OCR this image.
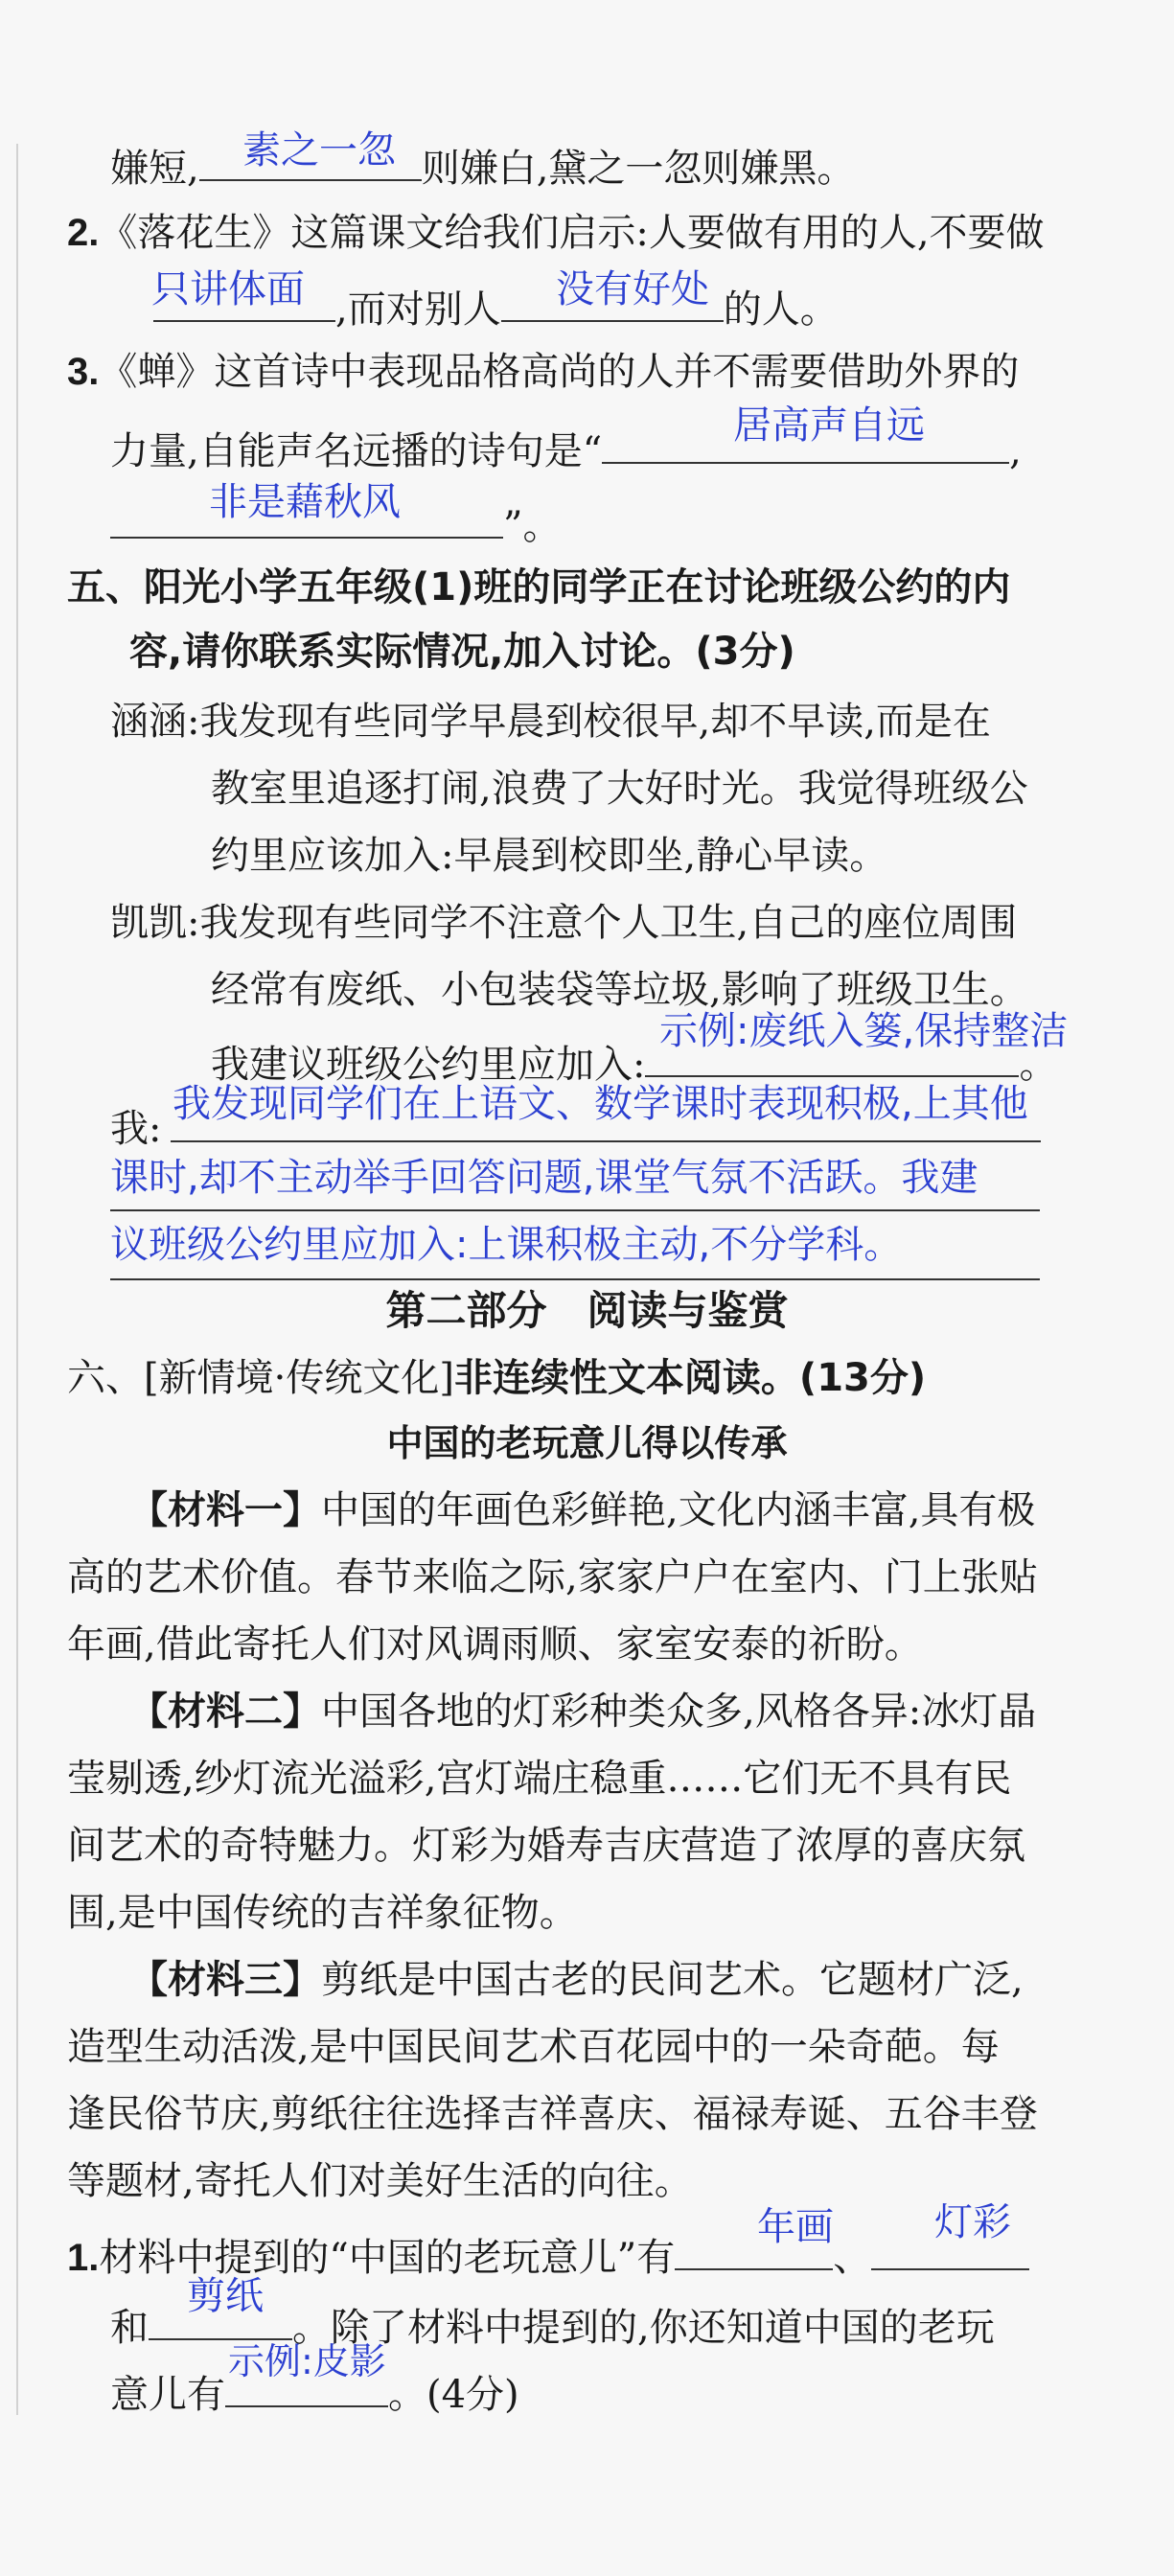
嫌短,	则嫌白,黛之一忽则嫌黑。
素之一忽
2.《落花生》这篇课文给我们启示:人要做有用的人,不要做
,而对别人	的人。
只讲体面	没有好处
3.《蝉》这首诗中表现品格高尚的人并不需要借助外界的
力量,自能声名远播的诗句是“	,
居高声自远
”。
非是藉秋风
五、阳光小学五年级(1)班的同学正在讨论班级公约的内
容,请你联系实际情况,加入讨论。(3分)
涵涵:我发现有些同学早晨到校很早,却不早读,而是在
教室里追逐打闹,浪费了大好时光。我觉得班级公
约里应该加入:早晨到校即坐,静心早读。
凯凯:我发现有些同学不注意个人卫生,自己的座位周围
经常有废纸、小包装袋等垃圾,影响了班级卫生。
我建议班级公约里应加入:	。
示例:废纸入篓,保持整洁
我:
我发现同学们在上语文、数学课时表现积极,上其他
课时,却不主动举手回答问题,课堂气氛不活跃。我建
议班级公约里应加入:上课积极主动,不分学科。
第二部分　阅读与鉴赏
六、[新情境·传统文化]非连续性文本阅读。(13分)
中国的老玩意儿得以传承
【材料一】中国的年画色彩鲜艳,文化内涵丰富,具有极
高的艺术价值。春节来临之际,家家户户在室内、门上张贴
年画,借此寄托人们对风调雨顺、家室安泰的祈盼。
【材料二】中国各地的灯彩种类众多,风格各异:冰灯晶
莹剔透,纱灯流光溢彩,宫灯端庄稳重……它们无不具有民
间艺术的奇特魅力。灯彩为婚寿吉庆营造了浓厚的喜庆氛
围,是中国传统的吉祥象征物。
【材料三】剪纸是中国古老的民间艺术。它题材广泛,
造型生动活泼,是中国民间艺术百花园中的一朵奇葩。每
逢民俗节庆,剪纸往往选择吉祥喜庆、福禄寿诞、五谷丰登
等题材,寄托人们对美好生活的向往。
1.材料中提到的“中国的老玩意儿”有	、
年画	灯彩
和	。除了材料中提到的,你还知道中国的老玩
剪纸
意儿有	。(4分)
示例:皮影
